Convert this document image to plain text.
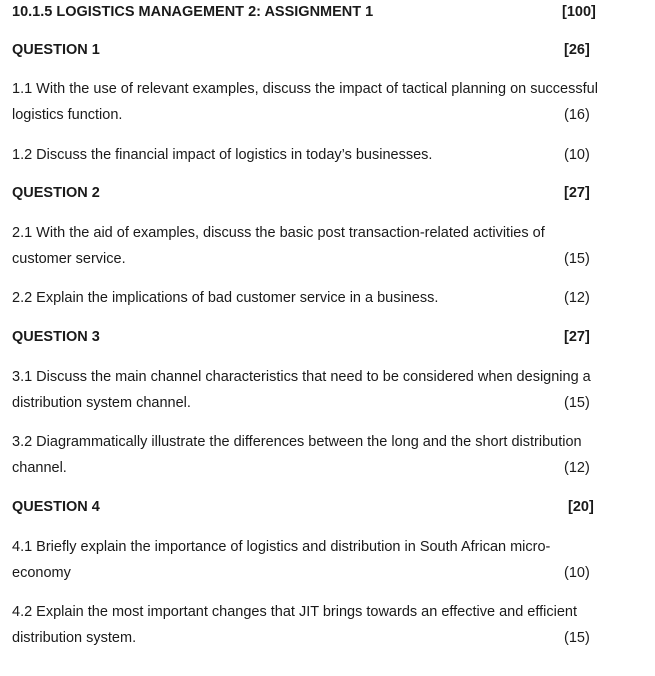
10.1.5 LOGISTICS MANAGEMENT 2: ASSIGNMENT 1	[100]
QUESTION 1	[26]
1.1 With the use of relevant examples, discuss the impact of tactical planning on successful
logistics function.	(16)
1.2 Discuss the financial impact of logistics in today’s businesses.	(10)
QUESTION 2	[27]
2.1 With the aid of examples, discuss the basic post transaction-related activities of
customer service.	(15)
2.2 Explain the implications of bad customer service in a business.	(12)
QUESTION 3	[27]
3.1 Discuss the main channel characteristics that need to be considered when designing a
distribution system channel.	(15)
3.2 Diagrammatically illustrate the differences between the long and the short distribution
channel.	(12)
QUESTION 4	[20]
4.1 Briefly explain the importance of logistics and distribution in South African micro-
economy	(10)
4.2 Explain the most important changes that JIT brings towards an effective and efficient
distribution system.	(15)
